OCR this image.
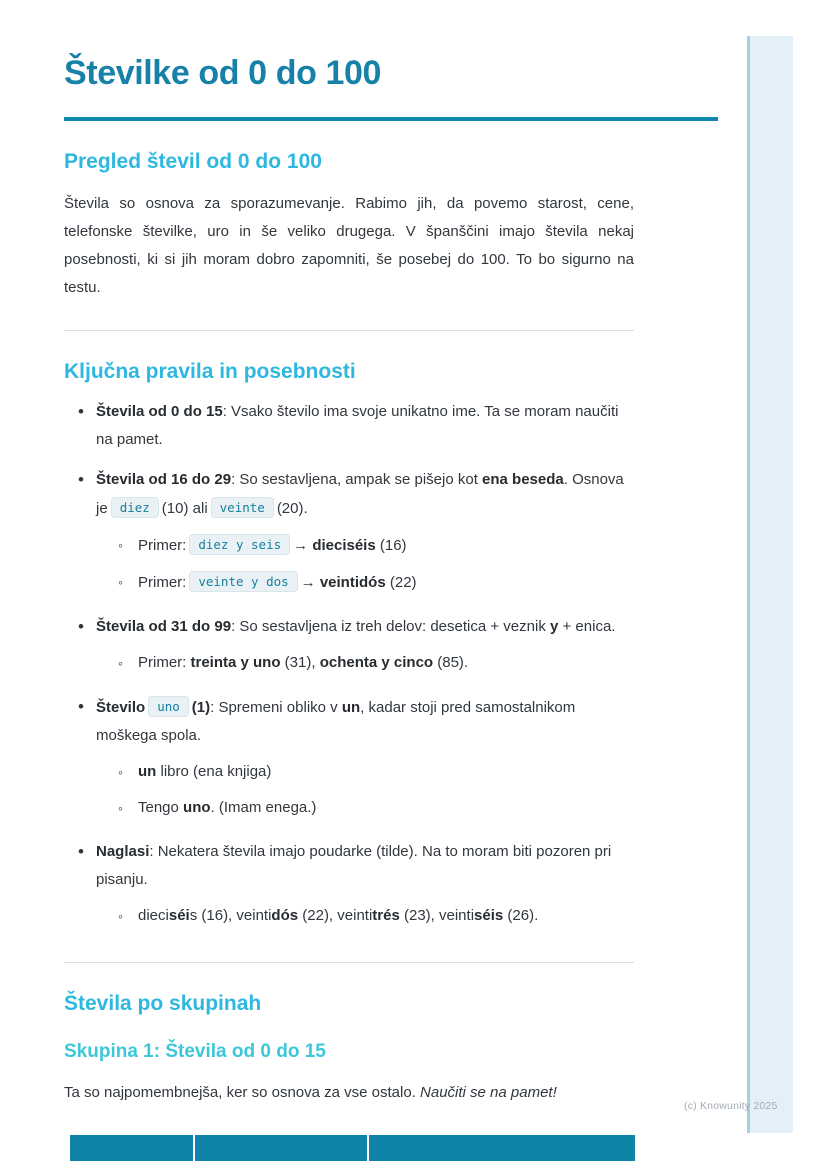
(c) Knowunity 2025
Številke od 0 do 100
Pregled števil od 0 do 100

Števila so osnova za sporazumevanje. Rabimo jih, da povemo starost, cene, telefonske številke, uro in še veliko drugega. V španščini imajo števila nekaj posebnosti, ki si jih moram dobro zapomniti, še posebej do 100. To bo sigurno na testu.

Ključna pravila in posebnosti
• Števila od 0 do 15: Vsako število ima svoje unikatno ime. Ta se moram naučiti na pamet.
• Števila od 16 do 29: So sestavljena, ampak se pišejo kot ena beseda. Osnova je diez (10) ali veinte (20).
◦	Primer: diez y seis → dieciséis (16)
◦	Primer: veinte y dos → veintidós (22)
• Števila od 31 do 99: So sestavljena iz treh delov: desetica + veznik y + enica.
◦	Primer: treinta y uno (31), ochenta y cinco (85).
• Število uno (1): Spremeni obliko v un, kadar stoji pred samostalnikom moškega spola.
◦	un libro (ena knjiga)
◦	Tengo uno. (Imam enega.)
• Naglasi: Nekatera števila imajo poudarke (tilde). Na to moram biti pozoren pri pisanju.
◦	dieciséis (16), veintidós (22), veintitrés (23), veintiséis (26).
Števila po skupinah
Skupina 1: Števila od 0 do 15

Ta so najpomembnejša, ker so osnova za vse ostalo. Naučiti se na pamet!
